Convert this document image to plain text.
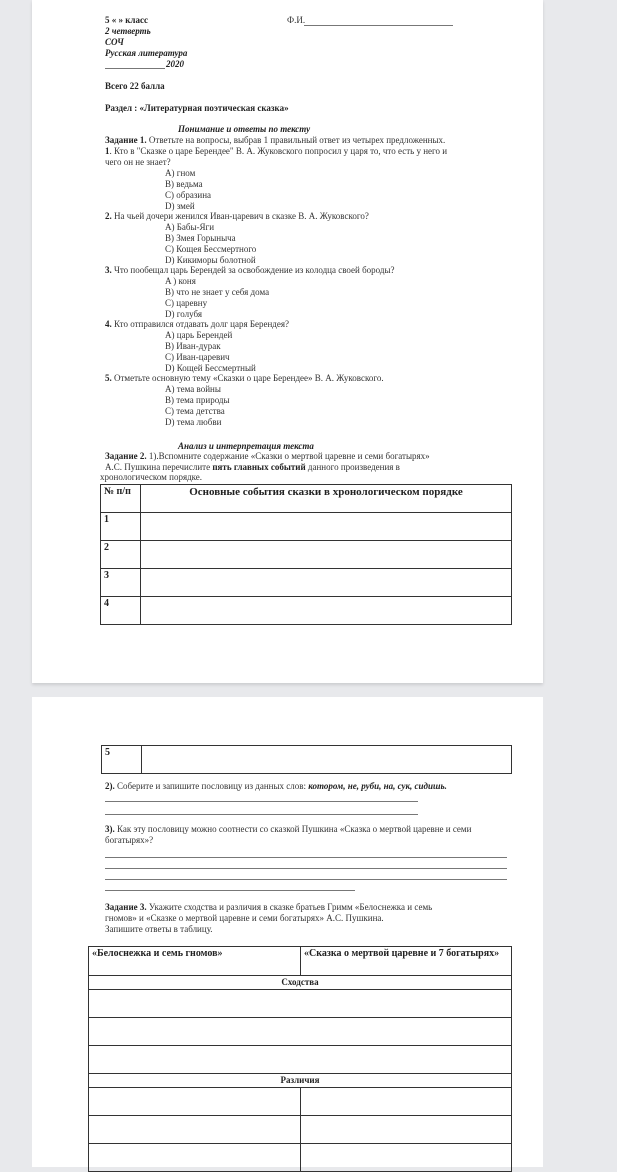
5 « » класс	Ф.И.
2 четверть
СОЧ
Русская литература
2020
Всего 22 балла
Раздел : «Литературная поэтическая сказка»
Понимание и ответы по тексту
Задание 1. Ответьте на вопросы, выбрав 1 правильный ответ из четырех предложенных.
1. Кто в "Сказке о царе Берендее" В. А. Жуковского попросил у царя то, что есть у него и
чего он не знает?
A) гном
B) ведьма
C) образина
D) змей
2. На чьей дочери женился Иван-царевич в сказке В. А. Жуковского?
A) Бабы-Яги
B) Змея Горыныча
C) Кощея Бессмертного
D) Кикиморы болотной
3. Что пообещал царь Берендей за освобождение из колодца своей бороды?
A ) коня
B) что не знает у себя дома
C) царевну
D) голубя
4. Кто отправился отдавать долг царя Берендея?
A) царь Берендей
B) Иван-дурак
C) Иван-царевич
D) Кощей Бессмертный
5. Отметьте основную тему «Сказки о царе Берендее» В. А. Жуковского.
A) тема войны
B) тема природы
C) тема детства
D) тема любви
Анализ и интерпретация текста
Задание 2. 1).Вспомните содержание «Сказки о мертвой царевне и семи богатырях»
А.С. Пушкина перечислите пять главных событий данного произведения в
хронологическом порядке.
№ п/п	Основные события сказки в хронологическом порядке
1	
2	
3	
4	
5	
2). Соберите и запишите пословицу из данных слов: котором, не, руби, на, сук, сидишь.
3). Как эту пословицу можно соотнести со сказкой Пушкина «Сказка о мертвой царевне и семи
богатырях»?
Задание 3. Укажите сходства и различия в сказке братьев Гримм «Белоснежка и семь
гномов» и «Сказке о мертвой царевне и семи богатырях» А.С. Пушкина.
Запишите ответы в таблицу.
«Белоснежка и семь гномов»	«Сказка о мертвой царевне и 7 богатырях»
Сходства	

Различия	
